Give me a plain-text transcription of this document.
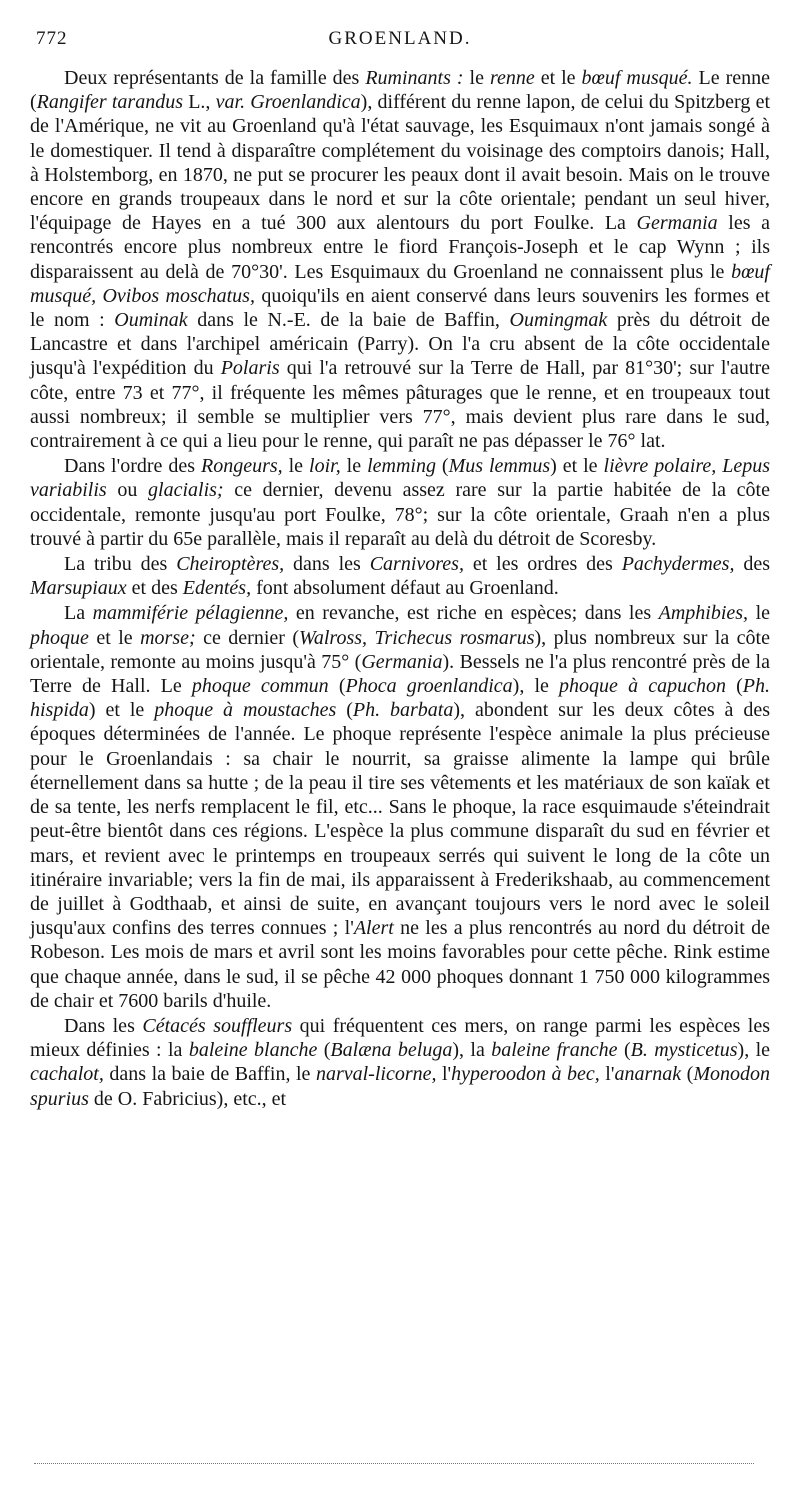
772	GROENLAND.

Deux représentants de la famille des Ruminants : le renne et le bœuf musqué. Le renne (Rangifer tarandus L., var. Groenlandica), différent du renne lapon, de celui du Spitzberg et de l'Amérique, ne vit au Groenland qu'à l'état sauvage, les Esquimaux n'ont jamais songé à le domestiquer. Il tend à disparaître complétement du voisinage des comptoirs danois; Hall, à Holstemborg, en 1870, ne put se procurer les peaux dont il avait besoin. Mais on le trouve encore en grands troupeaux dans le nord et sur la côte orientale; pendant un seul hiver, l'équipage de Hayes en a tué 300 aux alentours du port Foulke. La Germania les a rencontrés encore plus nombreux entre le fiord François-Joseph et le cap Wynn ; ils disparaissent au delà de 70°30'. Les Esquimaux du Groenland ne connaissent plus le bœuf musqué, Ovibos moschatus, quoiqu'ils en aient conservé dans leurs souvenirs les formes et le nom : Ouminak dans le N.-E. de la baie de Baffin, Oumingmak près du détroit de Lancastre et dans l'archipel américain (Parry). On l'a cru absent de la côte occidentale jusqu'à l'expédition du Polaris qui l'a retrouvé sur la Terre de Hall, par 81°30'; sur l'autre côte, entre 73 et 77°, il fréquente les mêmes pâturages que le renne, et en troupeaux tout aussi nombreux; il semble se multiplier vers 77°, mais devient plus rare dans le sud, contrairement à ce qui a lieu pour le renne, qui paraît ne pas dépasser le 76° lat.

Dans l'ordre des Rongeurs, le loir, le lemming (Mus lemmus) et le lièvre polaire, Lepus variabilis ou glacialis; ce dernier, devenu assez rare sur la partie habitée de la côte occidentale, remonte jusqu'au port Foulke, 78°; sur la côte orientale, Graah n'en a plus trouvé à partir du 65e parallèle, mais il reparaît au delà du détroit de Scoresby.

La tribu des Cheiroptères, dans les Carnivores, et les ordres des Pachydermes, des Marsupiaux et des Edentés, font absolument défaut au Groenland.

La mammiférie pélagienne, en revanche, est riche en espèces; dans les Amphibies, le phoque et le morse; ce dernier (Walross, Trichecus rosmarus), plus nombreux sur la côte orientale, remonte au moins jusqu'à 75° (Germania). Bessels ne l'a plus rencontré près de la Terre de Hall. Le phoque commun (Phoca groenlandica), le phoque à capuchon (Ph. hispida) et le phoque à moustaches (Ph. barbata), abondent sur les deux côtes à des époques déterminées de l'année. Le phoque représente l'espèce animale la plus précieuse pour le Groenlandais : sa chair le nourrit, sa graisse alimente la lampe qui brûle éternellement dans sa hutte ; de la peau il tire ses vêtements et les matériaux de son kaïak et de sa tente, les nerfs remplacent le fil, etc... Sans le phoque, la race esquimaude s'éteindrait peut-être bientôt dans ces régions. L'espèce la plus commune disparaît du sud en février et mars, et revient avec le printemps en troupeaux serrés qui suivent le long de la côte un itinéraire invariable; vers la fin de mai, ils apparaissent à Frederikshaab, au commencement de juillet à Godthaab, et ainsi de suite, en avançant toujours vers le nord avec le soleil jusqu'aux confins des terres connues ; l'Alert ne les a plus rencontrés au nord du détroit de Robeson. Les mois de mars et avril sont les moins favorables pour cette pêche. Rink estime que chaque année, dans le sud, il se pêche 42 000 phoques donnant 1 750 000 kilogrammes de chair et 7600 barils d'huile.

Dans les Cétacés souffleurs qui fréquentent ces mers, on range parmi les espèces les mieux définies : la baleine blanche (Balæna beluga), la baleine franche (B. mysticetus), le cachalot, dans la baie de Baffin, le narval-licorne, l'hyperoodon à bec, l'anarnak (Monodon spurius de O. Fabricius), etc., et
